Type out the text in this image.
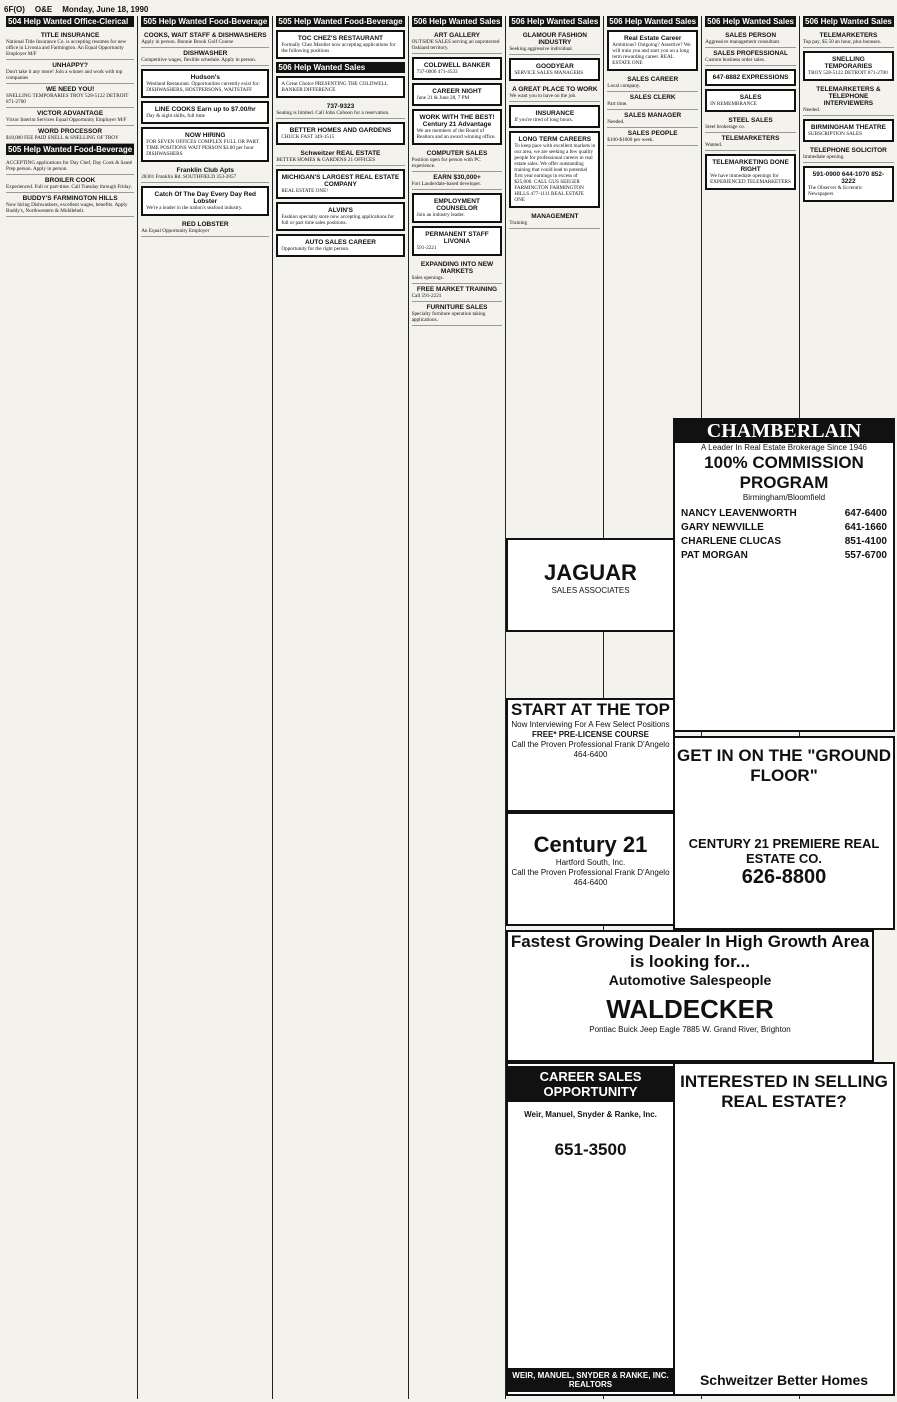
6F(O) O&E Monday, June 18, 1990
504 Help Wanted Office-Clerical
TITLE INSURANCE

National Title Insurance Co. is accepting resumes for new office in Livonia and Farmington. An Equal Opportunity Employer M/F

UNHAPPY?

Don't take it any more! Join a winner and work with top companies

WE NEED YOU!

SNELLING TEMPORARIES TROY 528-5122 DETROIT 871-2700

VICTOR ADVANTAGE

Victor Interim Services Equal Opportunity Employer M/F

WORD PROCESSOR

$18,000 FEE PAID SNELL & SNELLING OF TROY

505 Help Wanted Food-Beverage

ACCEPTING applications for Day Chef, Day Cook & Sauté Prep person. Apply in person.

BROILER COOK

Experienced. Full or part-time. Call Tuesday through Friday.

BUDDY'S FARMINGTON HILLS

Now hiring Dishwashers, excellent wages, benefits. Apply Buddy's, Northwestern & Middlebelt.

505 Help Wanted Food-Beverage
COOKS, WAIT STAFF & DISHWASHERS

Apply in person. Bonnie Brook Golf Course

DISHWASHER

Competitive wages, flexible schedule. Apply in person.

Hudson's

Westland Restaurant. Opportunities currently exist for: DISHWASHERS, HOSTPERSONS, WAITSTAFF

LINE COOKS Earn up to $7.00/hr

Day & night shifts, full time

NOW HIRING

FOR SEVEN OFFICES COMPLEX FULL OR PART TIME POSITIONS WAIT PERSON $3.00 per hour DISHWASHERS

Franklin Club Apts

28301 Franklin Rd. SOUTHFIELD 353-2057

Catch Of The Day Every Day Red Lobster

We're a leader in the nation's seafood industry.

RED LOBSTER

An Equal Opportunity Employer

505 Help Wanted Food-Beverage
TOC CHEZ'S RESTAURANT

Formally Chez Mardier now accepting applications for the following positions

506 Help Wanted Sales

A Great Choice PRESENTING THE COLDWELL BANKER DIFFERENCE

737-9323

Seating is limited. Call John Cohoon for a reservation.

BETTER HOMES AND GARDENS

CHUCK FAST 349-1515

Schweitzer REAL ESTATE

BETTER HOMES & GARDENS 21 OFFICES

MICHIGAN'S LARGEST REAL ESTATE COMPANY

REAL ESTATE ONE!

ALVIN'S

Fashion specialty store now accepting applications for full or part time sales positions.

AUTO SALES CAREER

Opportunity for the right person.

506 Help Wanted Sales
ART GALLERY

OUTSIDE SALES serving an unprotected Oakland territory.

COLDWELL BANKER

737-0000 471-4533

CAREER NIGHT

June 21 & June 28, 7 PM

WORK WITH THE BEST! Century 21 Advantage

We are members of the Board of Realtors and an award winning office.

COMPUTER SALES

Position open for person with PC experience.

EARN $30,000+

Fort Lauderdale-based developer.

EMPLOYMENT COUNSELOR

Join an industry leader.

PERMANENT STAFF LIVONIA

591-2221

EXPANDING INTO NEW MARKETS

Sales openings.

FREE MARKET TRAINING

Call 591-2221

FURNITURE SALES

Specialty furniture operation taking applications.

506 Help Wanted Sales
GLAMOUR FASHION INDUSTRY

Seeking aggressive individual.

GOODYEAR

SERVICE SALES MANAGERS

A GREAT PLACE TO WORK

We want you to have on the job.

INSURANCE

If you're tired of long hours.

LONG TERM CAREERS

To keep pace with excellent markets in our area, we are seeking a few quality people for professional careers in real estate sales. We offer outstanding training that could lead to potential first year earnings in excess of $25,000. CALL GUS SEEGER FARMINGTON FARMINGTON HILLS 477-1111 REAL ESTATE ONE

MANAGEMENT

Training

506 Help Wanted Sales
Real Estate Career

Ambitious? Outgoing? Assertive? We will train you and start you on a long term rewarding career. REAL ESTATE ONE

SALES CAREER

Local company.

SALES CLERK

Part time.

SALES MANAGER

Needed.

SALES PEOPLE

$100-$1000 per week.

506 Help Wanted Sales
SALES PERSON

Aggressive management consultant.

SALES PROFESSIONAL

Custom business order sales.

647-8882 EXPRESSIONS

SALES

IN REMEMBRANCE

STEEL SALES

Steel brokerage co.

TELEMARKETERS

Wanted.

TELEMARKETING DONE RIGHT

We have immediate openings for EXPERIENCED TELEMARKETERS

506 Help Wanted Sales
TELEMARKETERS

Top pay, $5.50 an hour, plus bonuses.

SNELLING TEMPORARIES

TROY 528-5122 DETROIT 871-2700

TELEMARKETERS & TELEPHONE INTERVIEWERS

Needed.

BIRMINGHAM THEATRE

SUBSCRIPTION SALES

TELEPHONE SOLICITOR

Immediate opening.

591-0900 644-1070 852-3222

The Observer & Eccentric Newspapers

CHAMBERLAIN
A Leader In Real Estate Brokerage Since 1946
100% COMMISSION PROGRAM
Birmingham/Bloomfield
NANCY LEAVENWORTH	647-6400
GARY NEWVILLE	641-1660
CHARLENE CLUCAS	851-4100
PAT MORGAN	557-6700
JAGUAR
SALES ASSOCIATES
START AT THE TOP
Now Interviewing For A Few Select Positions
FREE* PRE-LICENSE COURSE
Call the Proven Professional Frank D'Angelo 464-6400
Century 21
Hartford South, Inc.
Call the Proven Professional Frank D'Angelo 464-6400
Fastest Growing Dealer In High Growth Area is looking for...
Automotive Salespeople
WALDECKER
Pontiac Buick Jeep Eagle 7885 W. Grand River, Brighton
GET IN ON THE "GROUND FLOOR"
CENTURY 21 PREMIERE REAL ESTATE CO.
626-8800
CAREER SALES OPPORTUNITY
Weir, Manuel, Snyder & Ranke, Inc.
651-3500
WEIR, MANUEL, SNYDER & RANKE, INC. REALTORS
INTERESTED IN SELLING REAL ESTATE?
Schweitzer Better Homes
